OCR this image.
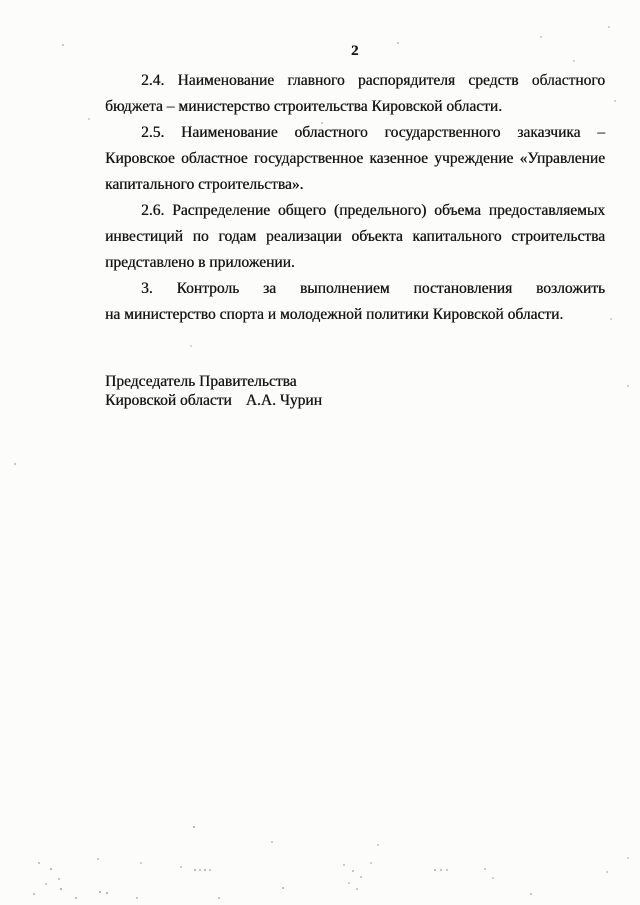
2
2.4. Наименование главного распорядителя средств областного
бюджета – министерство строительства Кировской области.
2.5. Наименование областного государственного заказчика –
Кировское областное государственное казенное учреждение «Управление
капитального строительства».
2.6. Распределение общего (предельного) объема предоставляемых
инвестиций по годам реализации объекта капитального строительства
представлено в приложении.
3. Контроль за выполнением постановления возложить
на министерство спорта и молодежной политики Кировской области.
Председатель Правительства
Кировской области А.А. Чурин
